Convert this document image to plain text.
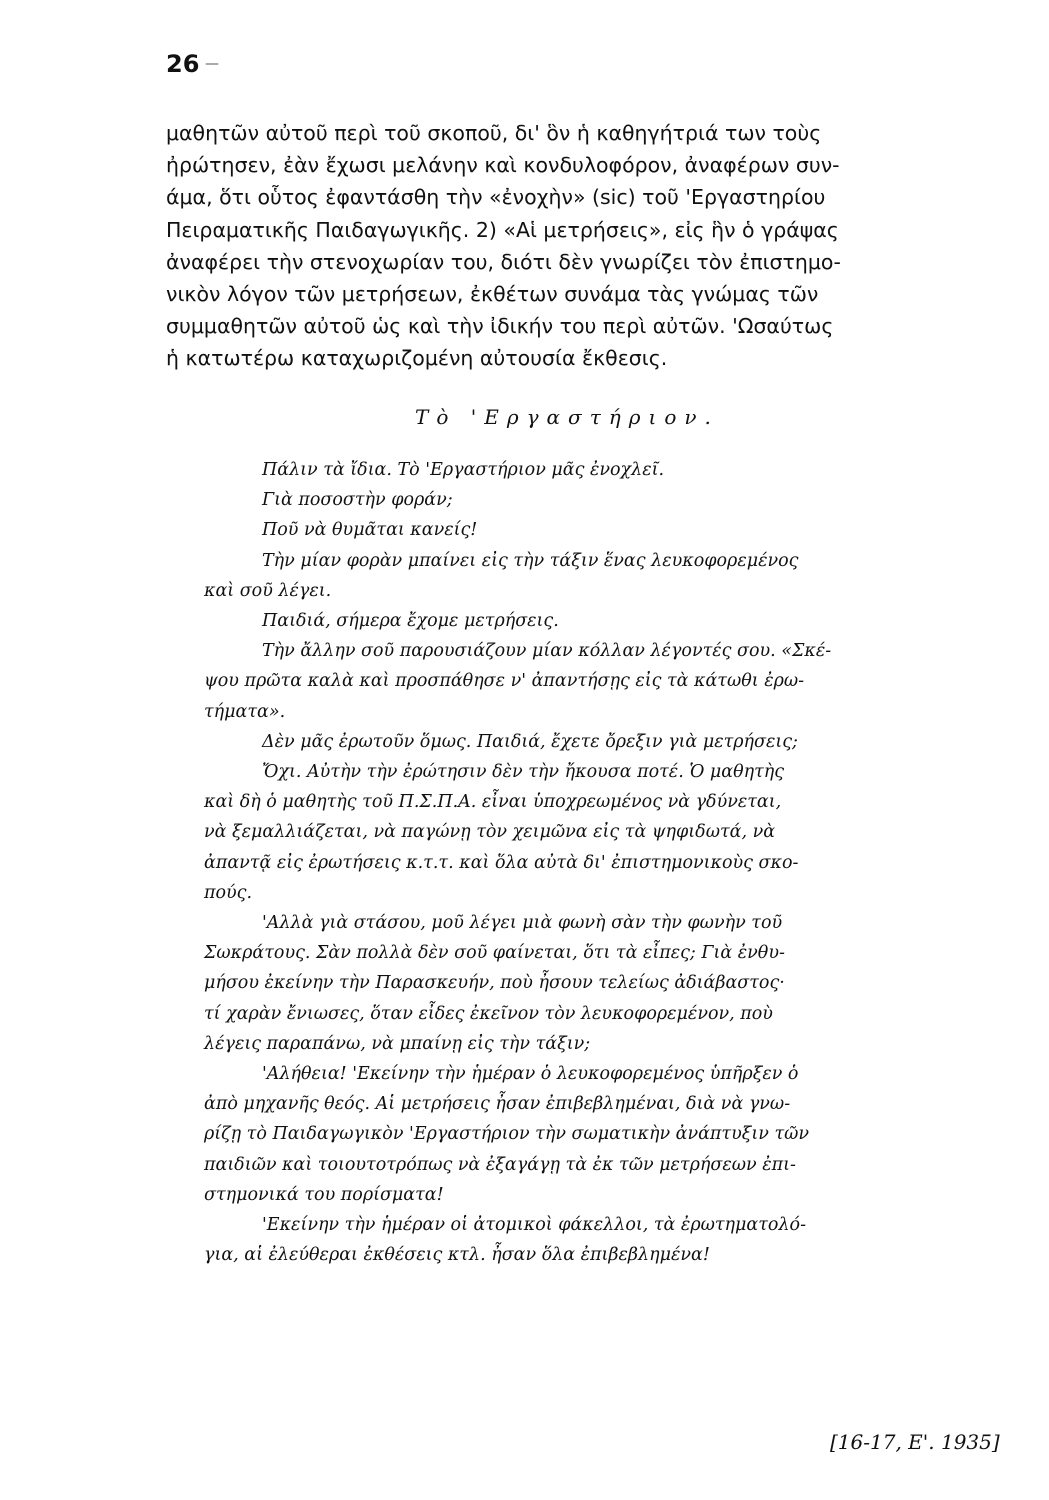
26 —
μαθητῶν αὐτοῦ περὶ τοῦ σκοποῦ, δι' ὃν ἡ καθηγήτριά των τοὺς
ἠρώτησεν, ἐὰν ἔχωσι μελάνην καὶ κονδυλοφόρον, ἀναφέρων συν-
άμα, ὅτι οὗτος ἐφαντάσθη τὴν «ἐνοχὴν» (sic) τοῦ 'Εργαστηρίου
Πειραματικῆς Παιδαγωγικῆς. 2) «Αἱ μετρήσεις», εἰς ἣν ὁ γράψας
ἀναφέρει τὴν στενοχωρίαν του, διότι δὲν γνωρίζει τὸν ἐπιστημο-
νικὸν λόγον τῶν μετρήσεων, ἐκθέτων συνάμα τὰς γνώμας τῶν
συμμαθητῶν αὐτοῦ ὡς καὶ τὴν ἰδικήν του περὶ αὐτῶν. 'Ωσαύτως
ἡ κατωτέρω καταχωριζομένη αὐτουσία ἔκθεσις.
Τὸ 'Εργαστήριον.
Πάλιν τὰ ἴδια. Τὸ 'Εργαστήριον μᾶς ἐνοχλεῖ.
Γιὰ ποσοστὴν φοράν;
Ποῦ νὰ θυμᾶται κανείς!
Τὴν μίαν φορὰν μπαίνει εἰς τὴν τάξιν ἕνας λευκοφορεμένος
καὶ σοῦ λέγει.
Παιδιά, σήμερα ἔχομε μετρήσεις.
Τὴν ἄλλην σοῦ παρουσιάζουν μίαν κόλλαν λέγοντές σου. «Σκέ-
ψου πρῶτα καλὰ καὶ προσπάθησε ν' ἀπαντήσῃς εἰς τὰ κάτωθι ἐρω-
τήματα».
Δὲν μᾶς ἐρωτοῦν ὅμως. Παιδιά, ἔχετε ὄρεξιν γιὰ μετρήσεις;
Ὄχι. Αὐτὴν τὴν ἐρώτησιν δὲν τὴν ἤκουσα ποτέ. Ὁ μαθητὴς
καὶ δὴ ὁ μαθητὴς τοῦ Π.Σ.Π.Α. εἶναι ὑποχρεωμένος νὰ γδύνεται,
νὰ ξεμαλλιάζεται, νὰ παγώνῃ τὸν χειμῶνα εἰς τὰ ψηφιδωτά, νὰ
ἀπαντᾷ εἰς ἐρωτήσεις κ.τ.τ. καὶ ὅλα αὐτὰ δι' ἐπιστημονικοὺς σκο-
πούς.
'Αλλὰ γιὰ στάσου, μοῦ λέγει μιὰ φωνὴ σὰν τὴν φωνὴν τοῦ
Σωκράτους. Σὰν πολλὰ δὲν σοῦ φαίνεται, ὅτι τὰ εἶπες; Γιὰ ἐνθυ-
μήσου ἐκείνην τὴν Παρασκευήν, ποὺ ἦσουν τελείως ἀδιάβαστος·
τί χαρὰν ἔνιωσες, ὅταν εἶδες ἐκεῖνον τὸν λευκοφορεμένον, ποὺ
λέγεις παραπάνω, νὰ μπαίνῃ εἰς τὴν τάξιν;
'Αλήθεια! 'Εκείνην τὴν ἡμέραν ὁ λευκοφορεμένος ὑπῆρξεν ὁ
ἀπὸ μηχανῆς θεός. Αἱ μετρήσεις ἦσαν ἐπιβεβλημέναι, διὰ νὰ γνω-
ρίζῃ τὸ Παιδαγωγικὸν 'Εργαστήριον τὴν σωματικὴν ἀνάπτυξιν τῶν
παιδιῶν καὶ τοιουτοτρόπως νὰ ἐξαγάγῃ τὰ ἐκ τῶν μετρήσεων ἐπι-
στημονικά του πορίσματα!
'Εκείνην τὴν ἡμέραν οἱ ἀτομικοὶ φάκελλοι, τὰ ἐρωτηματολό-
για, αἱ ἐλεύθεραι ἐκθέσεις κτλ. ἦσαν ὅλα ἐπιβεβλημένα!
[16-17, Ε'. 1935]
